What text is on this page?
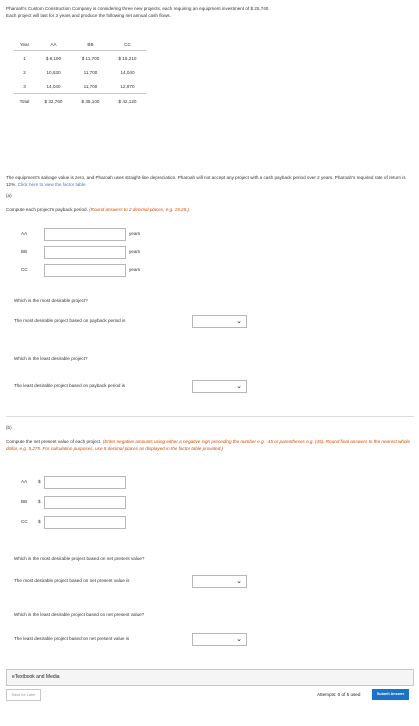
Pharoah's Custom Construction Company is considering three new projects, each requiring an equipment investment of $ 25,740.
Each project will last for 3 years and produce the following net annual cash flows.
Year	AA	BB	CC
1	$ 8,190	$ 11,700	$ 15,210
2	10,530	11,700	14,040
3	14,040	11,700	12,870
Total	$ 32,760	$ 35,100	$ 42,120
The equipment's salvage value is zero, and Pharoah uses straight-line depreciation. Pharoah will not accept any project with a cash payback period over 2 years. Pharoah's required rate of return is 12%. Click here to view the factor table.
(a)
Compute each project's payback period. (Round answers to 2 decimal places, e.g. 15.25.)
AA	years
BB	years
CC	years
Which is the most desirable project?
The most desirable project based on payback period is	⌄
Which is the least desirable project?
The least desirable project based on payback period is	⌄
(b)
Compute the net present value of each project. (Enter negative amounts using either a negative sign preceding the number e.g. -45 or parentheses e.g. (45). Round final answers to the nearest whole dollar, e.g. 5,275. For calculation purposes, use 5 decimal places as displayed in the factor table provided.)
AA $
BB $
CC $
Which is the most desirable project based on net present value?
The most desirable project based on net present value is	⌄
Which is the least desirable project based on net present value?
The least desirable project based on net present value is	⌄
eTextbook and Media
Save for Later	Attempts: 0 of 5 used	Submit Answer
